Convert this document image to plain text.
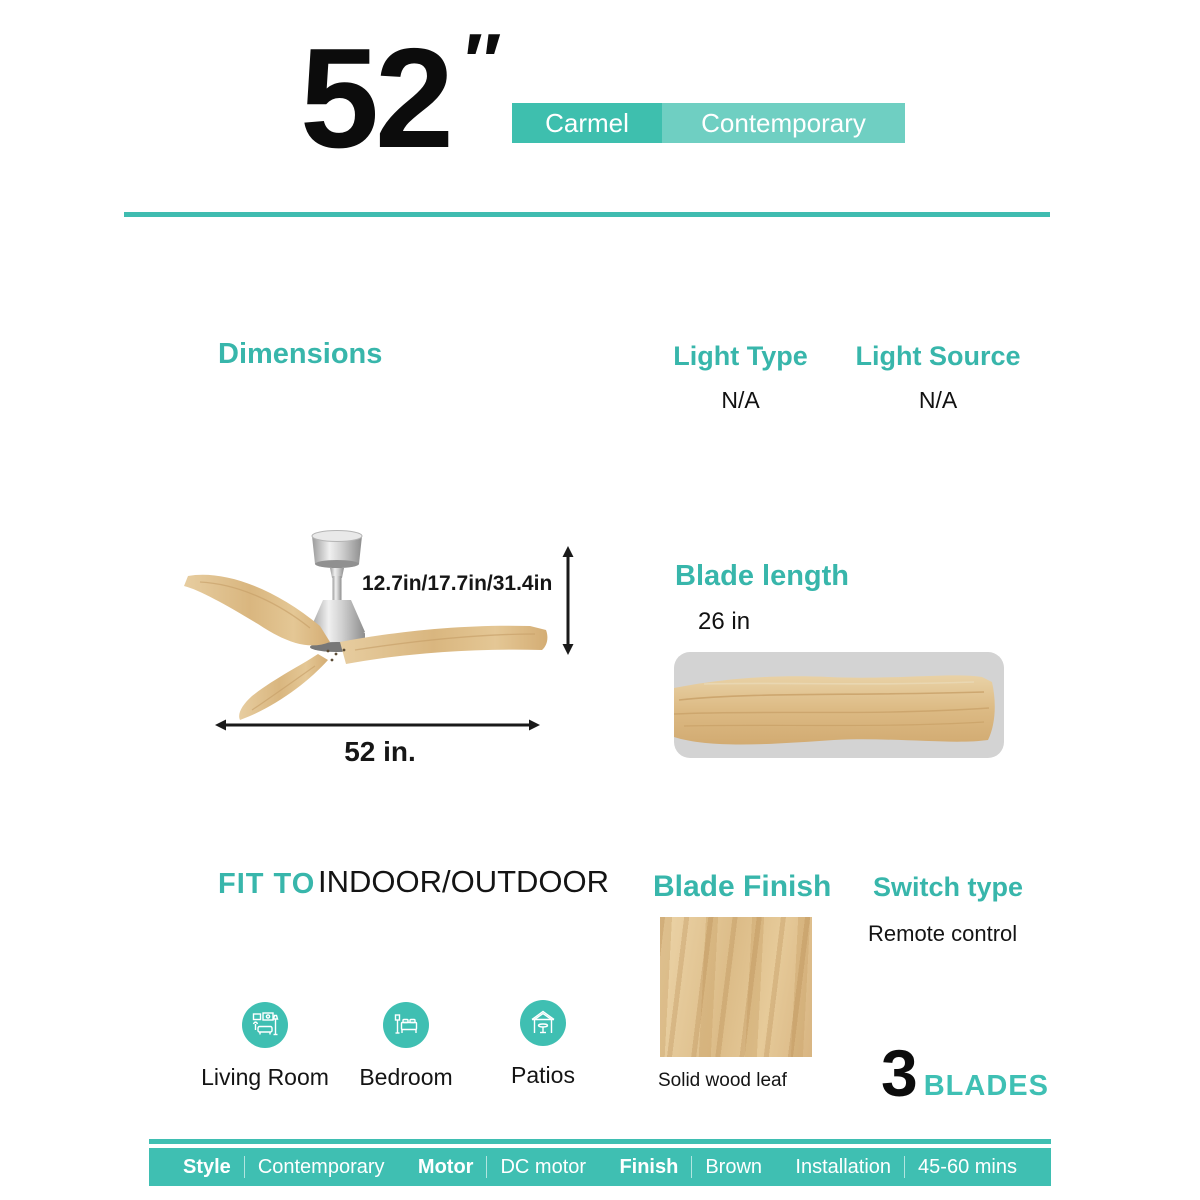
52 ″
Carmel	Contemporary
Dimensions	Light Type
N/A
Light Source
N/A
12.7in/17.7in/31.4in
52 in.
Blade length
26 in
FIT TO INDOOR/OUTDOOR
Living Room	Bedroom	Patios
Blade Finish
Solid wood leaf
Switch type
Remote control
3 BLADES
Style Contemporary Motor DC motor Finish Brown Installation 45-60 mins
